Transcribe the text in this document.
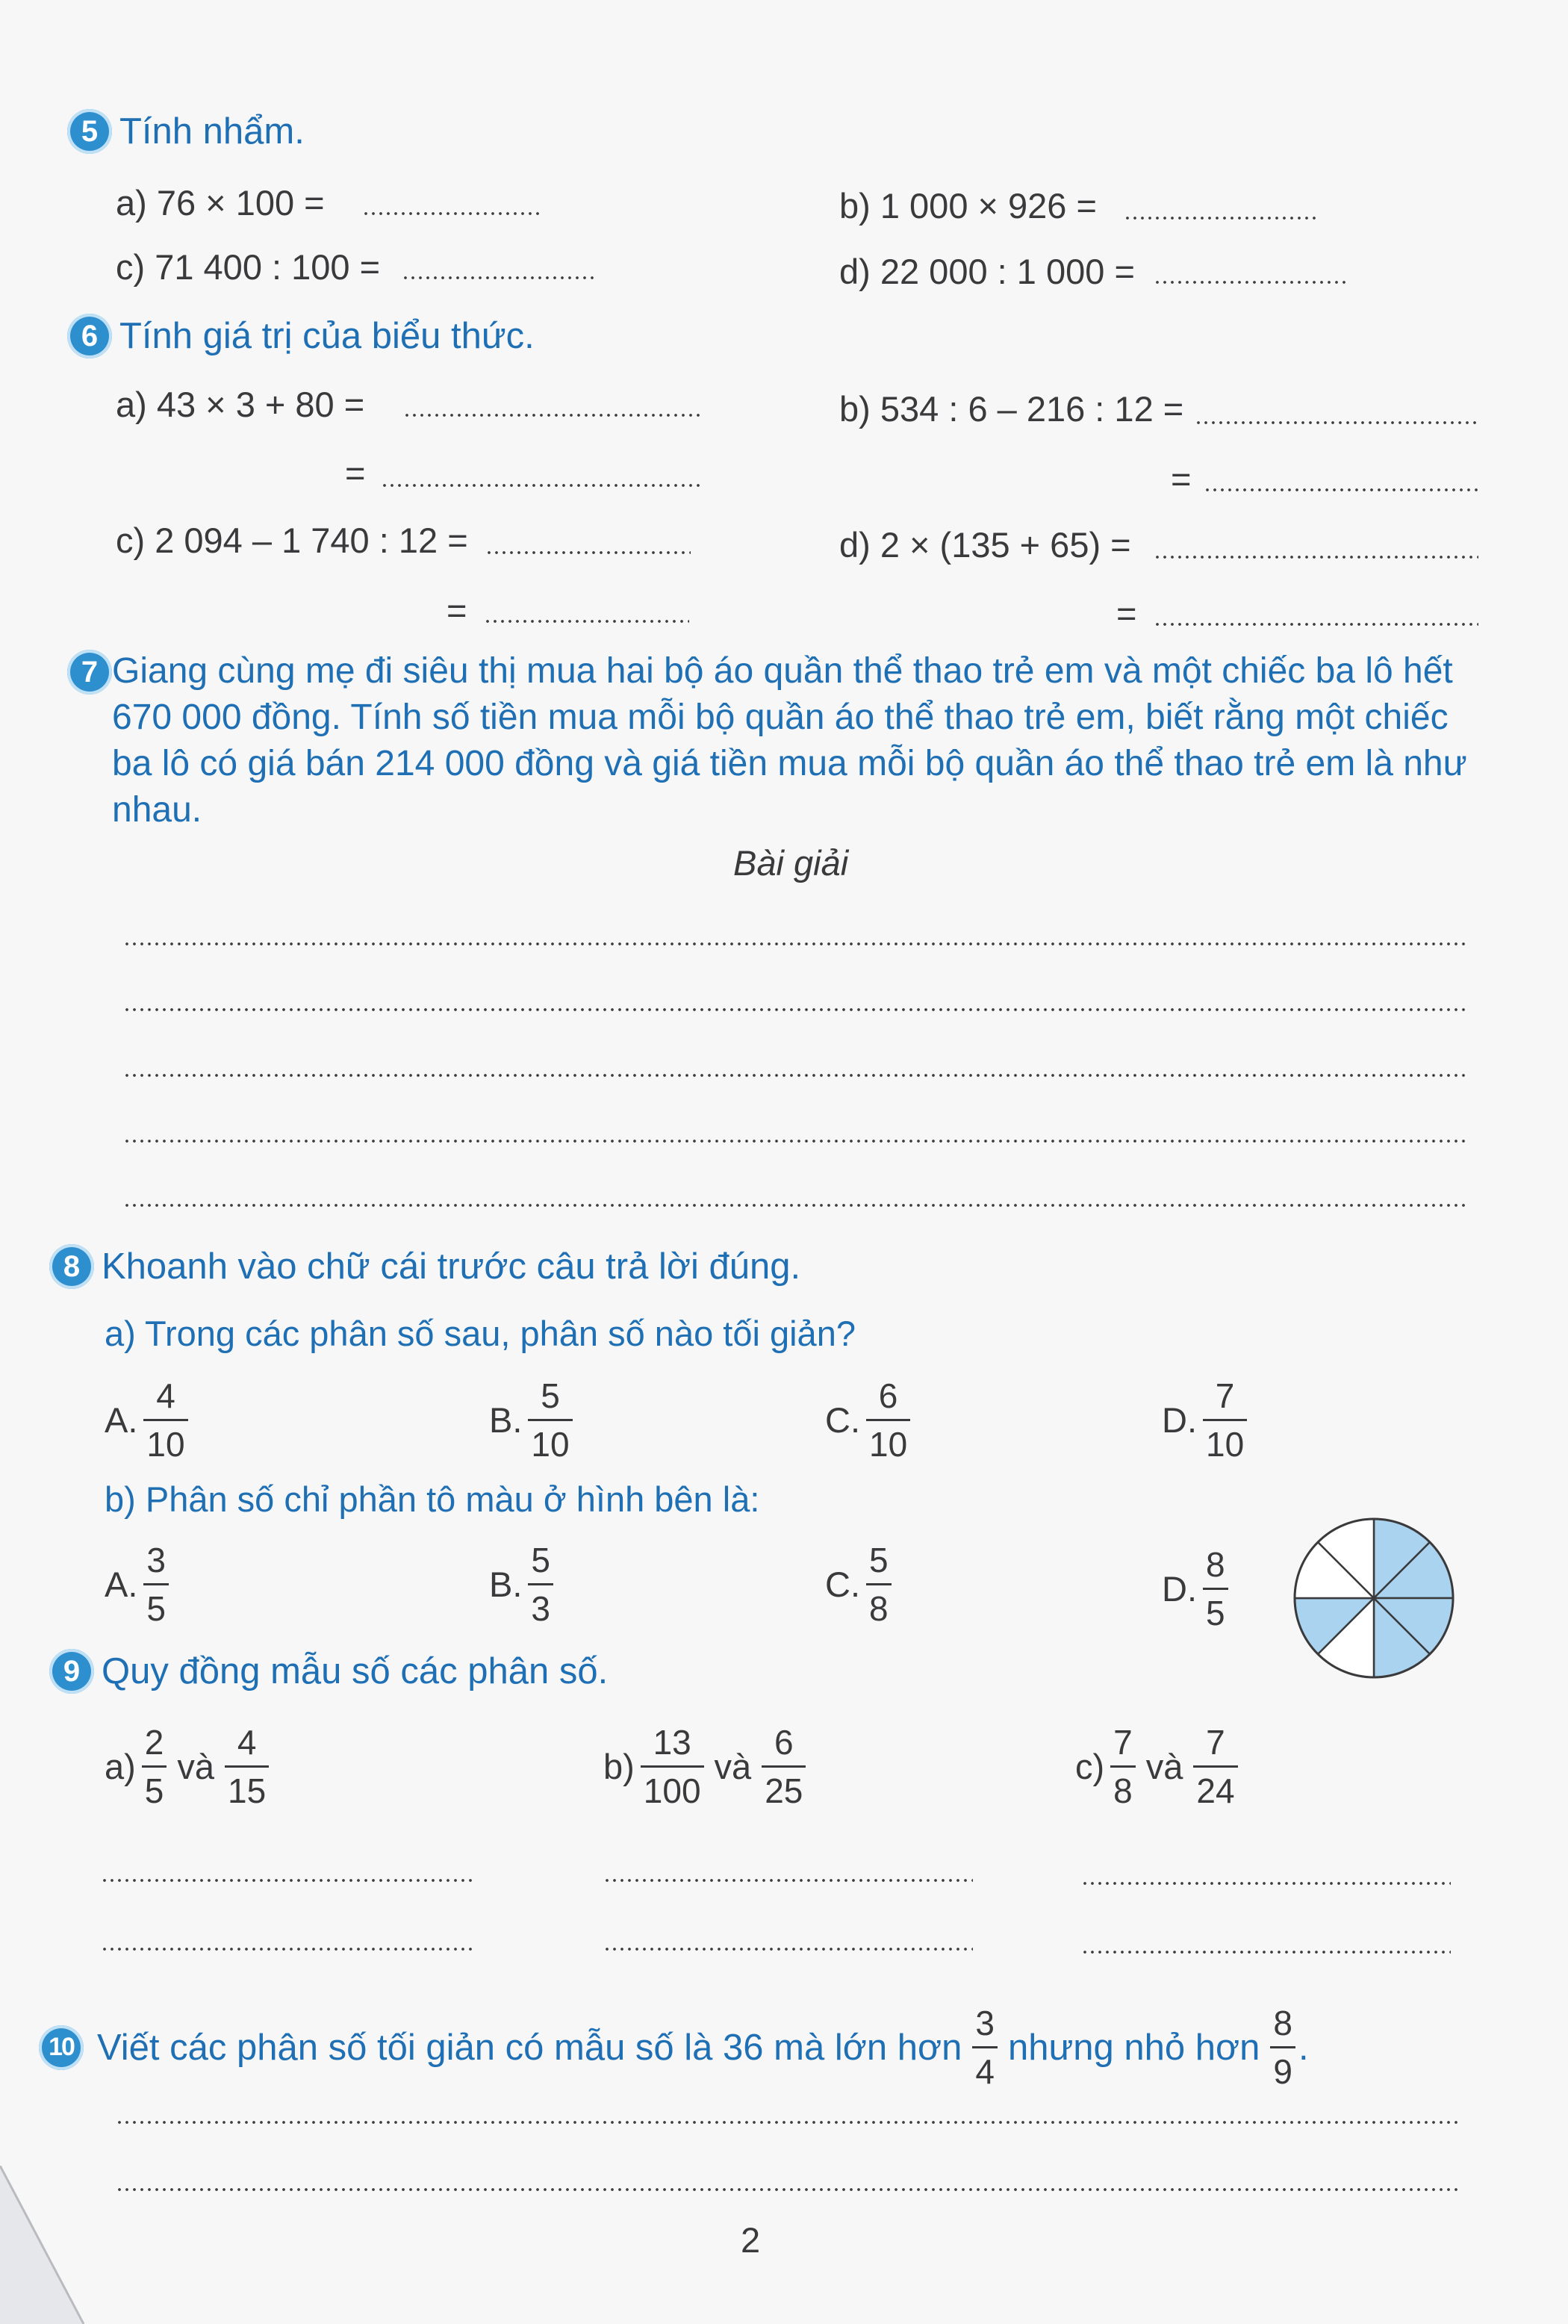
5 Tính nhẩm.
a) 76 × 100 =	b) 1 000 × 926 =
c) 71 400 : 100 =	d) 22 000 : 1 000 =
6 Tính giá trị của biểu thức.
a) 43 × 3 + 80 =
=
b) 534 : 6 – 216 : 12 =
=
c) 2 094 – 1 740 : 12 =
=
d) 2 × (135 + 65) =
=
7 Giang cùng mẹ đi siêu thị mua hai bộ áo quần thể thao trẻ em và một chiếc ba lô hết 670 000 đồng. Tính số tiền mua mỗi bộ quần áo thể thao trẻ em, biết rằng một chiếc ba lô có giá bán 214 000 đồng và giá tiền mua mỗi bộ quần áo thể thao trẻ em là như nhau.
Bài giải
8 Khoanh vào chữ cái trước câu trả lời đúng.
a) Trong các phân số sau, phân số nào tối giản?
A. $\frac{4}{10}$	B. $\frac{5}{10}$	C. $\frac{6}{10}$	D. $\frac{7}{10}$
b) Phân số chỉ phần tô màu ở hình bên là:
A. $\frac{3}{5}$	B. $\frac{5}{3}$	C. $\frac{5}{8}$	D. $\frac{8}{5}$
9 Quy đồng mẫu số các phân số.
$a) \frac{2}{5}$ và $\frac{4}{15}$	$b) \frac{13}{100}$ và $\frac{6}{25}$	$c) \frac{7}{8}$ và $\frac{7}{24}$
10 Viết các phân số tối giản có mẫu số là 36 mà lớn hơn $\frac{3}{4}$ nhưng nhỏ hơn $\frac{8}{9}$ .
2
